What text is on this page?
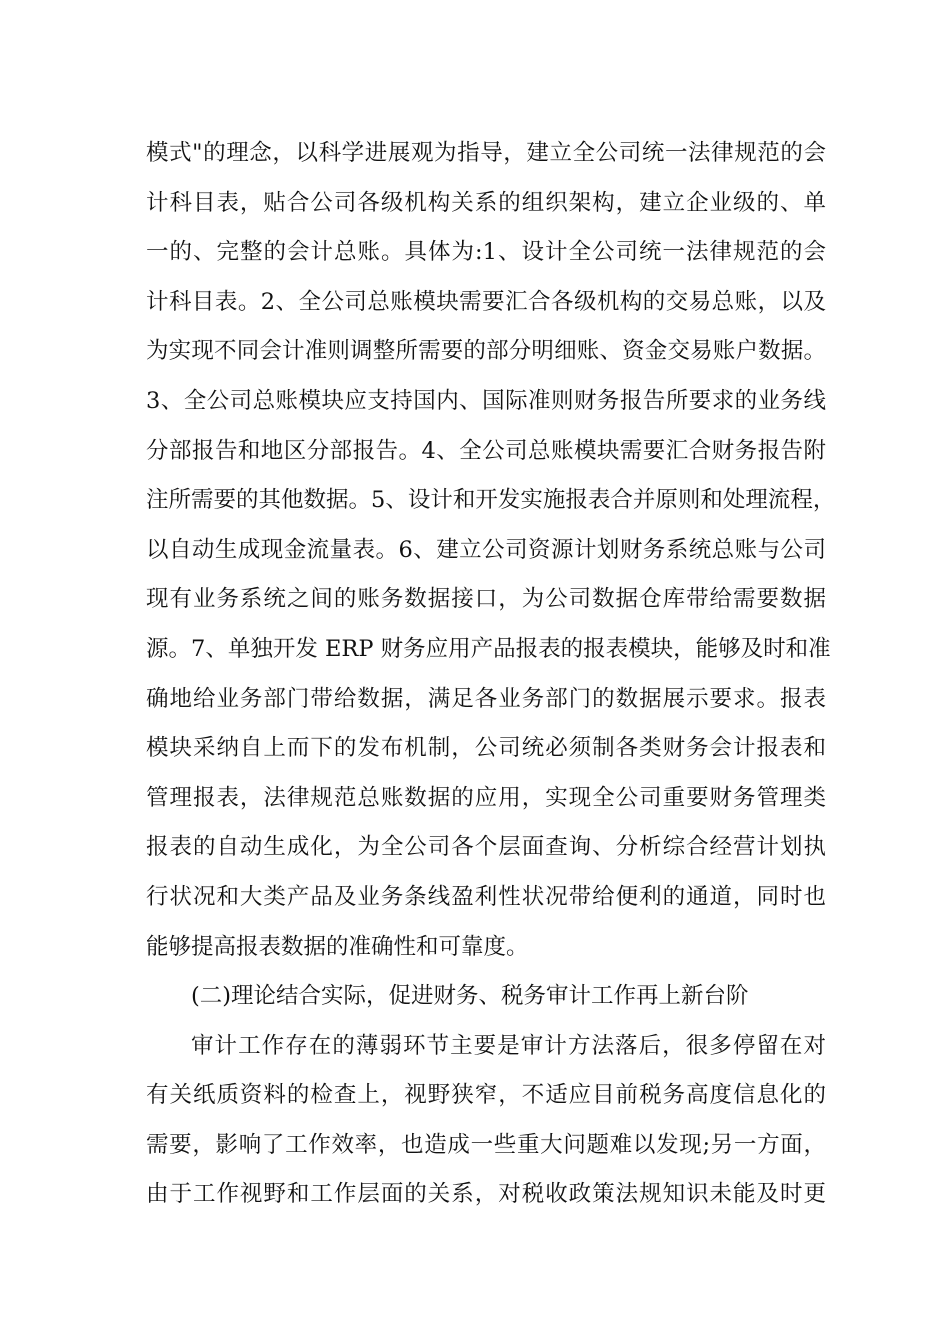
模式"的理念，以科学进展观为指导，建立全公司统一法律规范的会
计科目表，贴合公司各级机构关系的组织架构，建立企业级的、单
一的、完整的会计总账。具体为:1、设计全公司统一法律规范的会
计科目表。2、全公司总账模块需要汇合各级机构的交易总账，以及
为实现不同会计准则调整所需要的部分明细账、资金交易账户数据。
3、全公司总账模块应支持国内、国际准则财务报告所要求的业务线
分部报告和地区分部报告。4、全公司总账模块需要汇合财务报告附
注所需要的其他数据。5、设计和开发实施报表合并原则和处理流程，
以自动生成现金流量表。6、建立公司资源计划财务系统总账与公司
现有业务系统之间的账务数据接口，为公司数据仓库带给需要数据
源。7、单独开发 ERP 财务应用产品报表的报表模块，能够及时和准
确地给业务部门带给数据，满足各业务部门的数据展示要求。报表
模块采纳自上而下的发布机制，公司统必须制各类财务会计报表和
管理报表，法律规范总账数据的应用，实现全公司重要财务管理类
报表的自动生成化，为全公司各个层面查询、分析综合经营计划执
行状况和大类产品及业务条线盈利性状况带给便利的通道，同时也
能够提高报表数据的准确性和可靠度。
(二)理论结合实际，促进财务、税务审计工作再上新台阶
审计工作存在的薄弱环节主要是审计方法落后，很多停留在对
有关纸质资料的检查上，视野狭窄，不适应目前税务高度信息化的
需要，影响了工作效率，也造成一些重大问题难以发现;另一方面，
由于工作视野和工作层面的关系，对税收政策法规知识未能及时更
